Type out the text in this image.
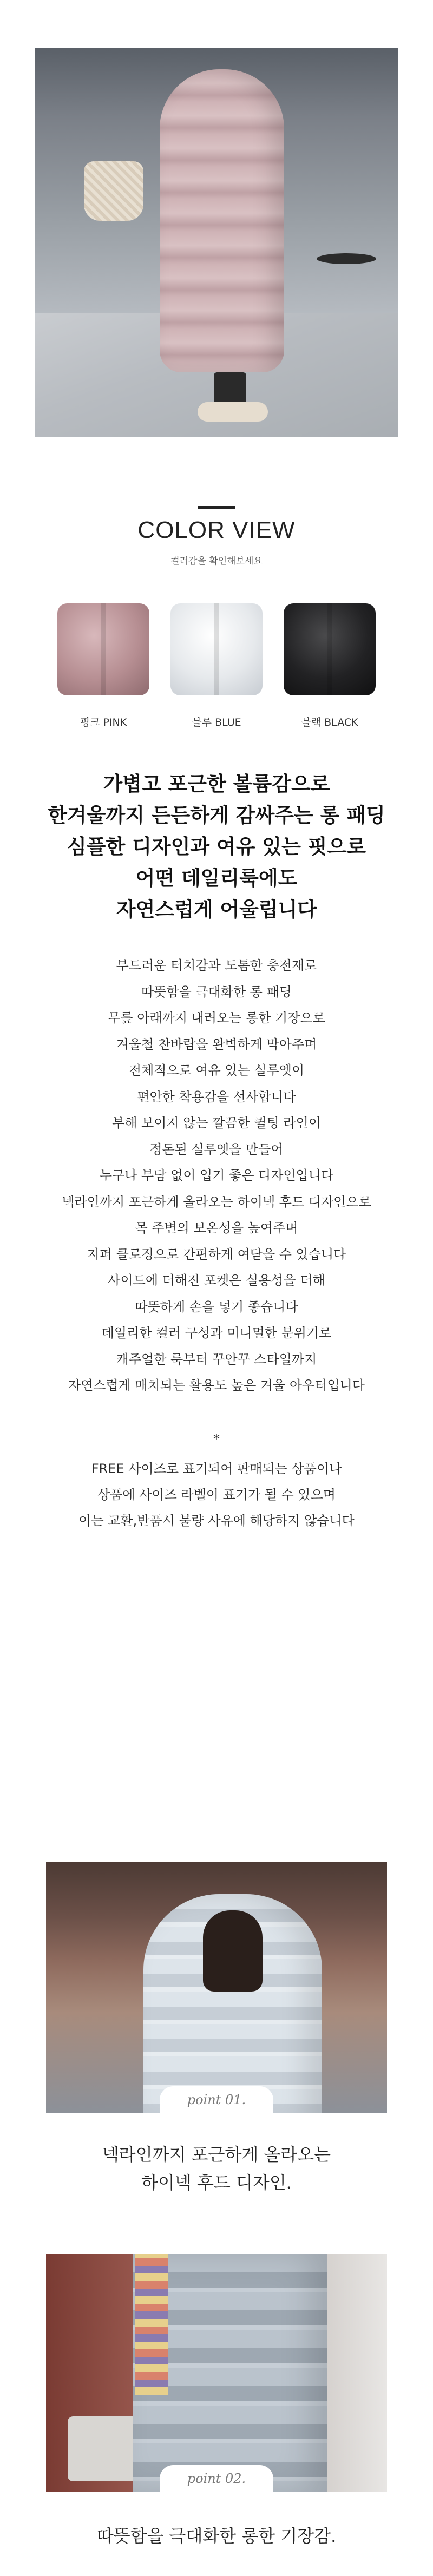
COLOR VIEW
컬러감을 확인해보세요
핑크 PINK	블루 BLUE	블랙 BLACK
가볍고 포근한 볼륨감으로
한겨울까지 든든하게 감싸주는 롱 패딩
심플한 디자인과 여유 있는 핏으로
어떤 데일리룩에도
자연스럽게 어울립니다
부드러운 터치감과 도톰한 충전재로
따뜻함을 극대화한 롱 패딩
무릎 아래까지 내려오는 롱한 기장으로
겨울철 찬바람을 완벽하게 막아주며
전체적으로 여유 있는 실루엣이
편안한 착용감을 선사합니다
부해 보이지 않는 깔끔한 퀼팅 라인이
정돈된 실루엣을 만들어
누구나 부담 없이 입기 좋은 디자인입니다
넥라인까지 포근하게 올라오는 하이넥 후드 디자인으로
목 주변의 보온성을 높여주며
지퍼 클로징으로 간편하게 여닫을 수 있습니다
사이드에 더해진 포켓은 실용성을 더해
따뜻하게 손을 넣기 좋습니다
데일리한 컬러 구성과 미니멀한 분위기로
캐주얼한 룩부터 꾸안꾸 스타일까지
자연스럽게 매치되는 활용도 높은 겨울 아우터입니다
*
FREE 사이즈로 표기되어 판매되는 상품이나
상품에 사이즈 라벨이 표기가 될 수 있으며
이는 교환,반품시 불량 사유에 해당하지 않습니다
point 01.
넥라인까지 포근하게 올라오는
하이넥 후드 디자인.
point 02.
따뜻함을 극대화한 롱한 기장감.
